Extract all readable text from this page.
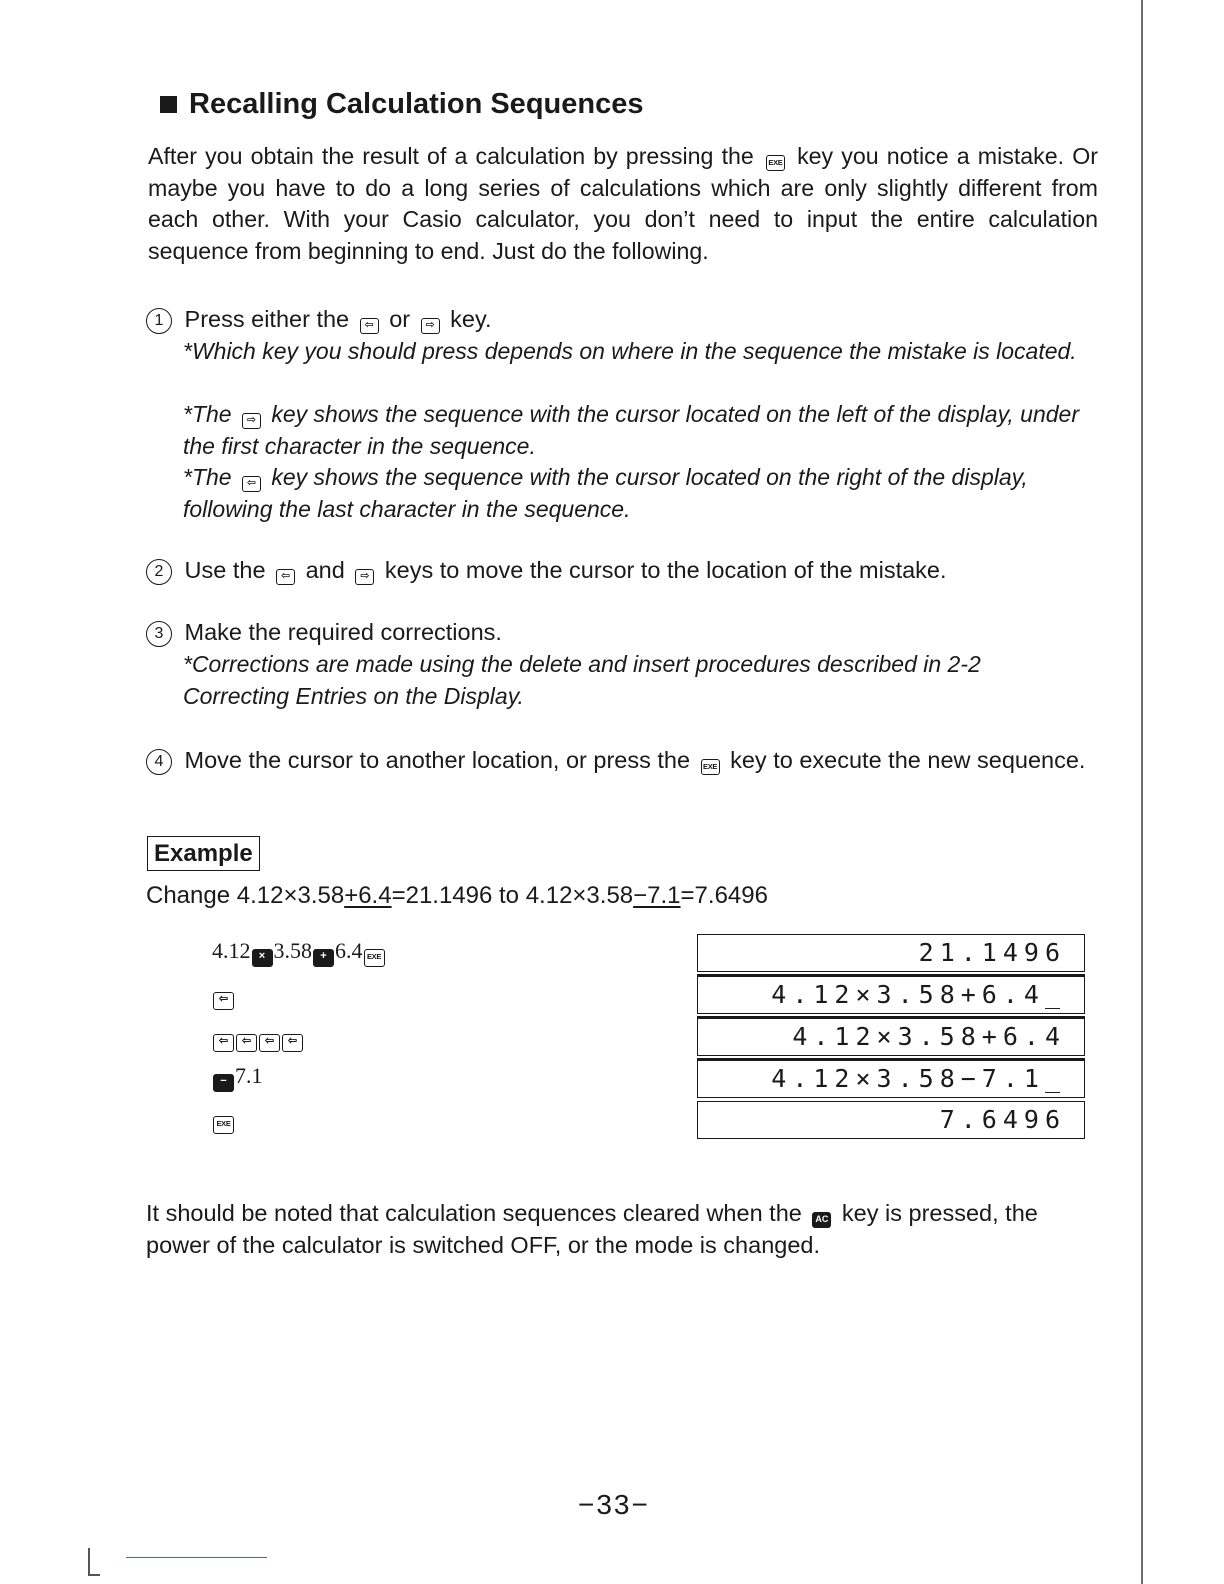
Recalling Calculation Sequences
After you obtain the result of a calculation by pressing the EXE key you notice a mistake. Or maybe you have to do a long series of calculations which are only slightly different from each other. With your Casio calculator, you don’t need to input the entire calculation sequence from beginning to end. Just do the following.
1 Press either the ⇦ or ⇨ key.
*Which key you should press depends on where in the sequence the mistake is located.
*The ⇨ key shows the sequence with the cursor located on the left of the display, under the first character in the sequence.
*The ⇦ key shows the sequence with the cursor located on the right of the display, following the last character in the sequence.
2 Use the ⇦ and ⇨ keys to move the cursor to the location of the mistake.
3 Make the required corrections.
*Corrections are made using the delete and insert procedures described in 2-2 Correcting Entries on the Display.
4 Move the cursor to another location, or press the EXE key to execute the new sequence.
Example
Change 4.12×3.58+6.4=21.1496 to 4.12×3.58−7.1=7.6496
4.12 × 3.58 + 6.4 EXE
⇦
⇦ ⇦ ⇦ ⇦
− 7.1
EXE
21.1496
4.12×3.58+6.4_
4.12×3.58+6.4
4.12×3.58−7.1_
7.6496
It should be noted that calculation sequences cleared when the AC key is pressed, the power of the calculator is switched OFF, or the mode is changed.
−33−
